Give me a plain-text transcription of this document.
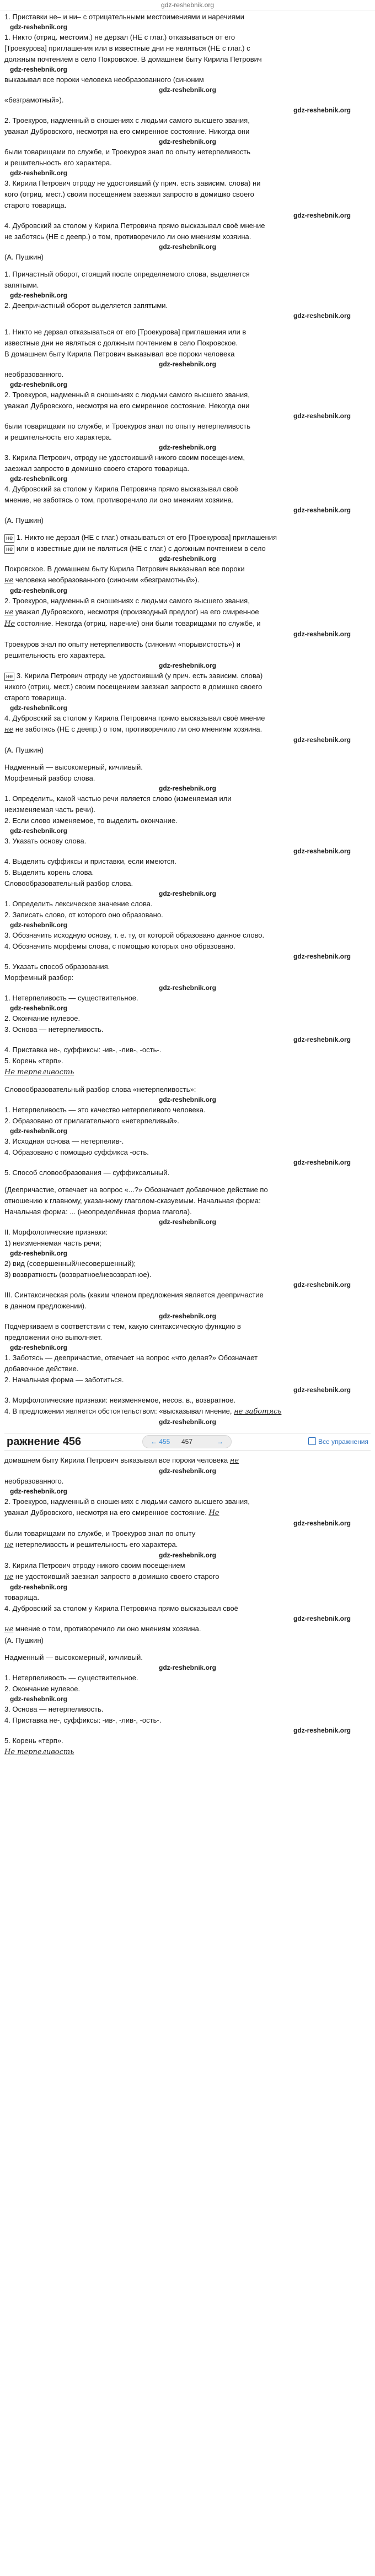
gdz-reshebnik.org
1. Приставки не– и ни– с отрицательными местоимениями и наречиями
gdz-reshebnik.org
1. Никто (отриц. местоим.) не дерзал (НЕ с глаг.) отказываться от его
[Троекурова] приглашения или в известные дни не являться (НЕ с глаг.) с
должным почтением в село Покровское. В домашнем быту Кирила Петрович
gdz-reshebnik.org
выказывал все пороки человека необразованного (синоним
gdz-reshebnik.org
«безграмотный»).
gdz-reshebnik.org
2. Троекуров, надменный в сношениях с людьми самого высшего звания,
уважал Дубровского, несмотря на его смиренное состояние. Никогда они
gdz-reshebnik.org
были товарищами по службе, и Троекуров знал по опыту нетерпеливость
и решительность его характера.
gdz-reshebnik.org
3. Кирила Петрович отроду не удостоивший (у прич. есть зависим. слова) ни
кого (отриц. мест.) своим посещением заезжал запросто в домишко своего
старого товарища.
gdz-reshebnik.org
4. Дубровский за столом у Кирила Петровича прямо высказывал своё мнение
не заботясь (НЕ с деепр.) о том, противоречило ли оно мнениям хозяина.
gdz-reshebnik.org
(А. Пушкин)
1. Причастный оборот, стоящий после определяемого слова, выделяется
запятыми.
gdz-reshebnik.org
2. Деепричастный оборот выделяется запятыми.
gdz-reshebnik.org
1. Никто не дерзал отказываться от его [Троекурова] приглашения или в
известные дни не являться с должным почтением в село Покровское.
В домашнем быту Кирила Петрович выказывал все пороки человека
gdz-reshebnik.org
необразованного.
gdz-reshebnik.org
2. Троекуров, надменный в сношениях с людьми самого высшего звания,
уважал Дубровского, несмотря на его смиренное состояние. Некогда они
gdz-reshebnik.org
были товарищами по службе, и Троекуров знал по опыту нетерпеливость
и решительность его характера.
gdz-reshebnik.org
3. Кирила Петрович, отроду не удостоивший никого своим посещением,
заезжал запросто в домишко своего старого товарища.
gdz-reshebnik.org
4. Дубровский за столом у Кирила Петровича прямо высказывал своё
мнение, не заботясь о том, противоречило ли оно мнениям хозяина.
gdz-reshebnik.org
(А. Пушкин)
не 1. Никто не дерзал (НЕ с глаг.) отказываться от его [Троекурова] приглашения
не или в известные дни не являться (НЕ с глаг.) с должным почтением в село
gdz-reshebnik.org
Покровское. В домашнем быту Кирила Петрович выказывал все пороки
не человека необразованного (синоним «безграмотный»).
gdz-reshebnik.org
2. Троекуров, надменный в сношениях с людьми самого высшего звания,
не уважал Дубровского, несмотря (производный предлог) на его смиренное
Не состояние. Некогда (отриц. наречие) они были товарищами по службе, и
gdz-reshebnik.org
Троекуров знал по опыту нетерпеливость (синоним «порывистость») и
решительность его характера.
gdz-reshebnik.org
не 3. Кирила Петрович отроду не удостоивший (у прич. есть зависим. слова)
никого (отриц. мест.) своим посещением заезжал запросто в домишко своего
старого товарища.
gdz-reshebnik.org
4. Дубровский за столом у Кирила Петровича прямо высказывал своё мнение
не не заботясь (НЕ с деепр.) о том, противоречило ли оно мнениям хозяина.
gdz-reshebnik.org
(А. Пушкин)
Надменный — высокомерный, кичливый.
Морфемный разбор слова.
gdz-reshebnik.org
1. Определить, какой частью речи является слово (изменяемая или
неизменяемая часть речи).
2. Если слово изменяемое, то выделить окончание.
gdz-reshebnik.org
3. Указать основу слова.
gdz-reshebnik.org
4. Выделить суффиксы и приставки, если имеются.
5. Выделить корень слова.
Словообразовательный разбор слова.
gdz-reshebnik.org
1. Определить лексическое значение слова.
2. Записать слово, от которого оно образовано.
gdz-reshebnik.org
3. Обозначить исходную основу, т. е. ту, от которой образовано данное слово.
4. Обозначить морфемы слова, с помощью которых оно образовано.
gdz-reshebnik.org
5. Указать способ образования.
Морфемный разбор:
gdz-reshebnik.org
1. Нетерпеливость — существительное.
gdz-reshebnik.org
2. Окончание нулевое.
3. Основа — нетерпеливость.
gdz-reshebnik.org
4. Приставка не-, суффиксы: -ив-, -лив-, -ость-.
5. Корень «терп».
Не терпеливость
Словообразовательный разбор слова «нетерпеливость»:
gdz-reshebnik.org
1. Нетерпеливость — это качество нетерпеливого человека.
2. Образовано от прилагательного «нетерпеливый».
gdz-reshebnik.org
3. Исходная основа — нетерпелив-.
4. Образовано с помощью суффикса -ость.
gdz-reshebnik.org
5. Способ словообразования — суффиксальный.
(Деепричастие, отвечает на вопрос «...?» Обозначает добавочное действие по
отношению к главному, указанному глаголом-сказуемым. Начальная форма:
Начальная форма: ... (неопределённая форма глагола).
gdz-reshebnik.org
II. Морфологические признаки:
1) неизменяемая часть речи;
gdz-reshebnik.org
2) вид (совершенный/несовершенный);
3) возвратность (возвратное/невозвратное).
gdz-reshebnik.org
III. Синтаксическая роль (каким членом предложения является деепричастие
в данном предложении).
gdz-reshebnik.org
Подчёркиваем в соответствии с тем, какую синтаксическую функцию в
предложении оно выполняет.
gdz-reshebnik.org
1. Заботясь — деепричастие, отвечает на вопрос «что делая?» Обозначает
добавочное действие.
2. Начальная форма — заботиться.
gdz-reshebnik.org
3. Морфологические признаки: неизменяемое, несов. в., возвратное.
4. В предложении является обстоятельством: «высказывал мнение, не заботясь
gdz-reshebnik.org
ражнение 456	← 455 457	→	Все упражнения
домашнем быту Кирила Петрович выказывал все пороки человека не
gdz-reshebnik.org
необразованного.
gdz-reshebnik.org
2. Троекуров, надменный в сношениях с людьми самого высшего звания,
уважал Дубровского, несмотря на его смиренное состояние. Не
gdz-reshebnik.org
были товарищами по службе, и Троекуров знал по опыту
не нетерпеливость и решительность его характера.
gdz-reshebnik.org
3. Кирила Петрович отроду никого своим посещением
не не удостоивший заезжал запросто в домишко своего старого
gdz-reshebnik.org
товарища.
4. Дубровский за столом у Кирила Петровича прямо высказывал своё
gdz-reshebnik.org
не мнение о том, противоречило ли оно мнениям хозяина.
(А. Пушкин)
Надменный — высокомерный, кичливый.
gdz-reshebnik.org
1. Нетерпеливость — существительное.
2. Окончание нулевое.
gdz-reshebnik.org
3. Основа — нетерпеливость.
4. Приставка не-, суффиксы: -ив-, -лив-, -ость-.
gdz-reshebnik.org
5. Корень «терп».
Не терпеливость
